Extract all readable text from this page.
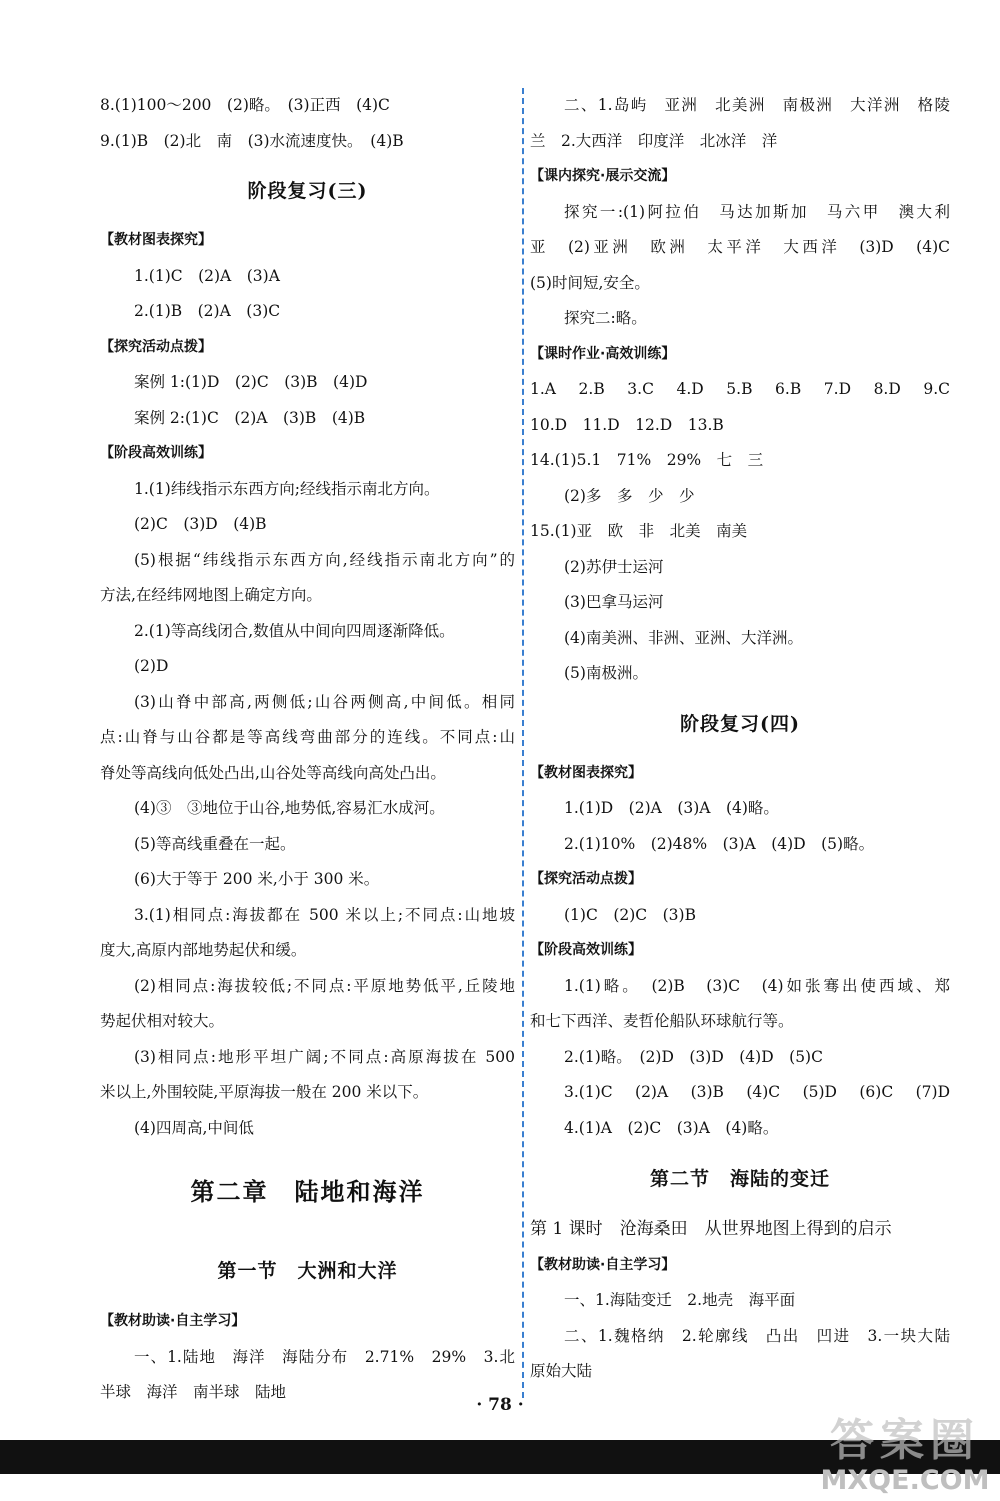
8.(1)100～200　(2)略。　(3)正西　(4)C
9.(1)B　(2)北　南　(3)水流速度快。　(4)B
阶段复习(三)
【教材图表探究】
1.(1)C　(2)A　(3)A
2.(1)B　(2)A　(3)C
【探究活动点拨】
案例 1:(1)D　(2)C　(3)B　(4)D
案例 2:(1)C　(2)A　(3)B　(4)B
【阶段高效训练】
1.(1)纬线指示东西方向;经线指示南北方向。
(2)C　(3)D　(4)B
(5)根据“纬线指示东西方向,经线指示南北方向”的
方法,在经纬网地图上确定方向。
2.(1)等高线闭合,数值从中间向四周逐渐降低。
(2)D
(3)山脊中部高,两侧低;山谷两侧高,中间低。相同
点:山脊与山谷都是等高线弯曲部分的连线。不同点:山
脊处等高线向低处凸出,山谷处等高线向高处凸出。
(4)③　③地位于山谷,地势低,容易汇水成河。
(5)等高线重叠在一起。
(6)大于等于 200 米,小于 300 米。
3.(1)相同点:海拔都在 500 米以上;不同点:山地坡
度大,高原内部地势起伏和缓。
(2)相同点:海拔较低;不同点:平原地势低平,丘陵地
势起伏相对较大。
(3)相同点:地形平坦广阔;不同点:高原海拔在 500
米以上,外围较陡,平原海拔一般在 200 米以下。
(4)四周高,中间低
第二章　陆地和海洋
第一节　大洲和大洋
【教材助读·自主学习】
一、1.陆地　海洋　海陆分布　2.71%　29%　3.北
半球　海洋　南半球　陆地
二、1.岛屿　亚洲　北美洲　南极洲　大洋洲　格陵
兰　2.大西洋　印度洋　北冰洋　洋
【课内探究·展示交流】
探究一:(1)阿拉伯　马达加斯加　马六甲　澳大利
亚　(2)亚洲　欧洲　太平洋　大西洋　(3)D　(4)C
(5)时间短,安全。
探究二:略。
【课时作业·高效训练】
1.A　2.B　3.C　4.D　5.B　6.B　7.D　8.D　9.C
10.D　11.D　12.D　13.B
14.(1)5.1　71%　29%　七　三
(2)多　多　少　少
15.(1)亚　欧　非　北美　南美
(2)苏伊士运河
(3)巴拿马运河
(4)南美洲、非洲、亚洲、大洋洲。
(5)南极洲。
阶段复习(四)
【教材图表探究】
1.(1)D　(2)A　(3)A　(4)略。
2.(1)10%　(2)48%　(3)A　(4)D　(5)略。
【探究活动点拨】
(1)C　(2)C　(3)B
【阶段高效训练】
1.(1)略。　(2)B　(3)C　(4)如张骞出使西域、郑
和七下西洋、麦哲伦船队环球航行等。
2.(1)略。　(2)D　(3)D　(4)D　(5)C
3.(1)C　(2)A　(3)B　(4)C　(5)D　(6)C　(7)D
4.(1)A　(2)C　(3)A　(4)略。
第二节　海陆的变迁
第 1 课时　沧海桑田　从世界地图上得到的启示
【教材助读·自主学习】
一、1.海陆变迁　2.地壳　海平面
二、1.魏格纳　2.轮廓线　凸出　凹进　3.一块大陆
原始大陆
· 78 ·
答案圈
MXQE.COM
